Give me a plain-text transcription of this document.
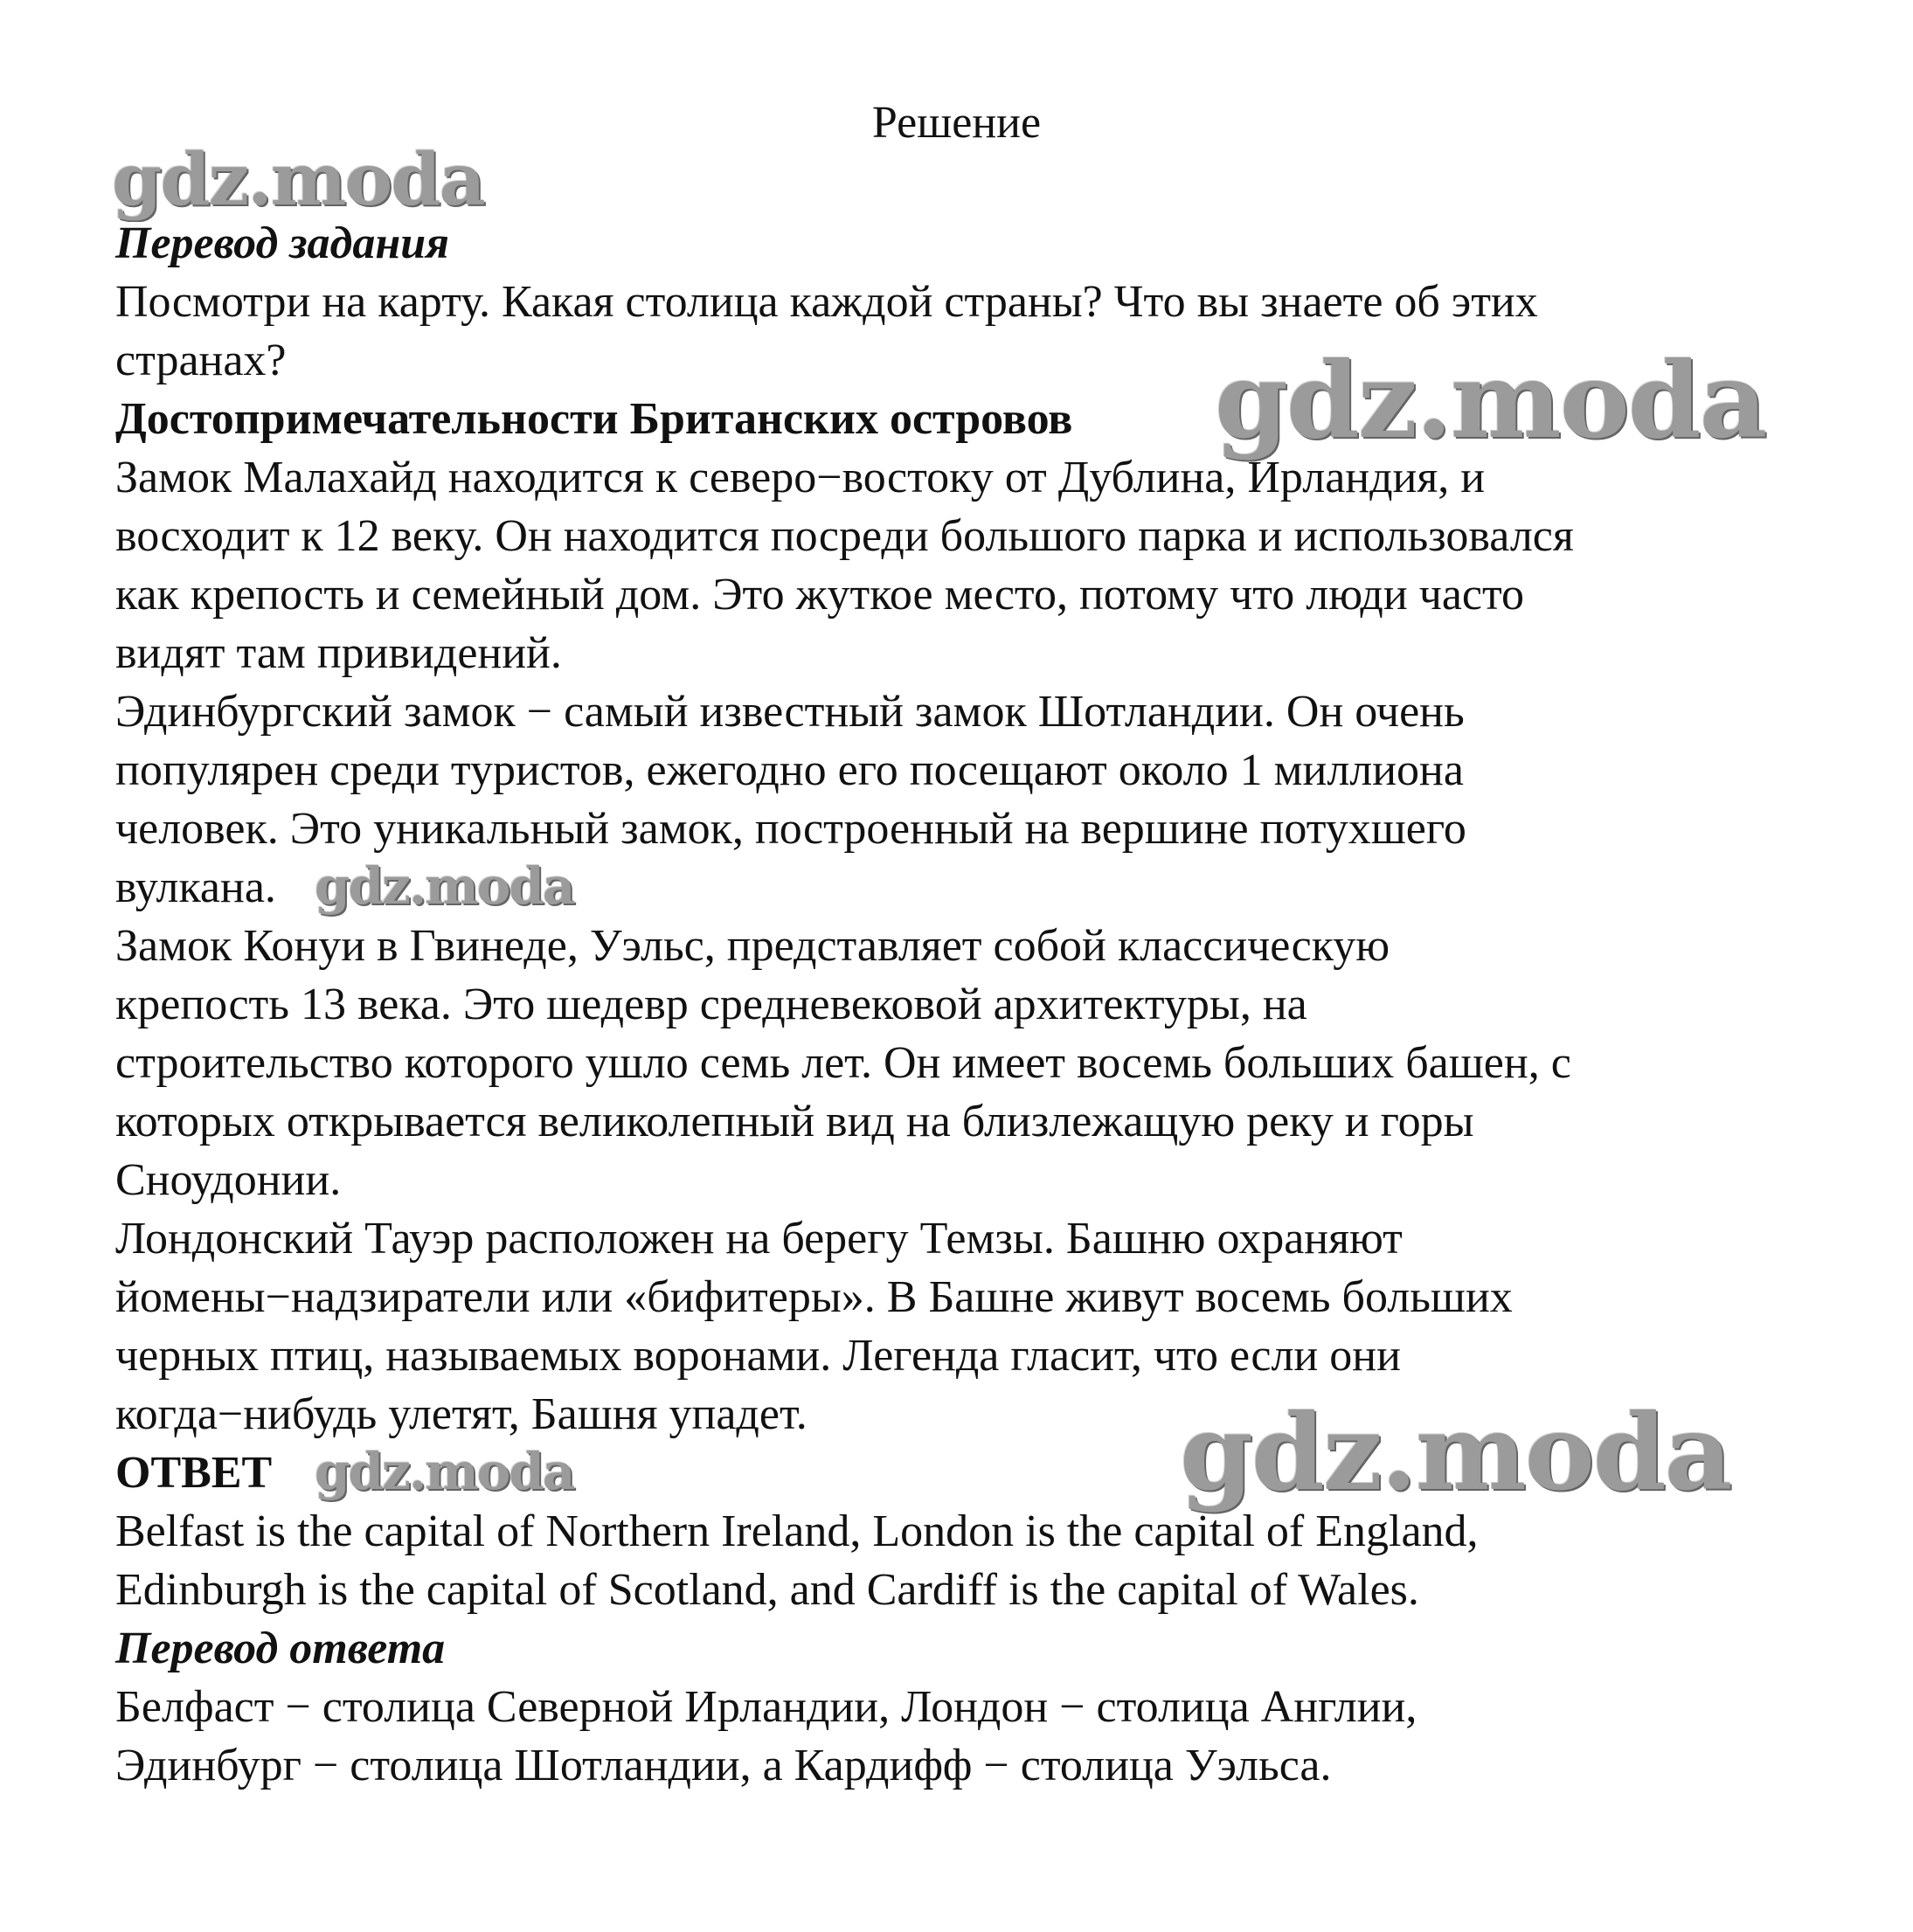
Решение

Перевод задания

Посмотри на карту. Какая столица каждой страны? Что вы знаете об этих

странах?

Достопримечательности Британских островов

Замок Малахайд находится к северо−востоку от Дублина, Ирландия, и

восходит к 12 веку. Он находится посреди большого парка и использовался

как крепость и семейный дом. Это жуткое место, потому что люди часто

видят там привидений.

Эдинбургский замок − самый известный замок Шотландии. Он очень

популярен среди туристов, ежегодно его посещают около 1 миллиона

человек. Это уникальный замок, построенный на вершине потухшего

вулкана.

Замок Конуи в Гвинеде, Уэльс, представляет собой классическую

крепость 13 века. Это шедевр средневековой архитектуры, на

строительство которого ушло семь лет. Он имеет восемь больших башен, с

которых открывается великолепный вид на близлежащую реку и горы

Сноудонии.

Лондонский Тауэр расположен на берегу Темзы. Башню охраняют

йомены−надзиратели или «бифитеры». В Башне живут восемь больших

черных птиц, называемых воронами. Легенда гласит, что если они

когда−нибудь улетят, Башня упадет.

ОТВЕТ

Belfast is the capital of Northern Ireland, London is the capital of England,

Edinburgh is the capital of Scotland, and Cardiff is the capital of Wales.

Перевод ответа

Белфаст − столица Северной Ирландии, Лондон − столица Англии,

Эдинбург − столица Шотландии, а Кардифф − столица Уэльса.

gdz.moda
gdz.moda
gdz.moda
gdz.moda	gdz.moda
